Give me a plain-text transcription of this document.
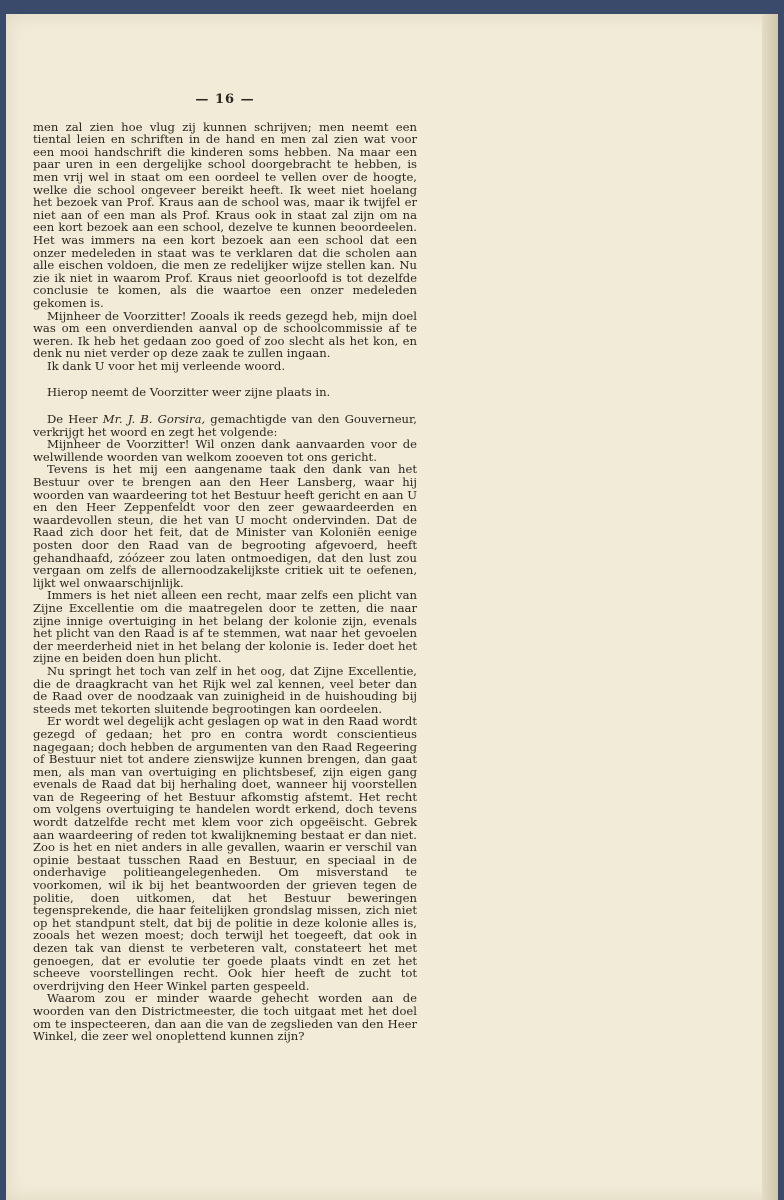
— 16 —

men zal zien hoe vlug zij kunnen schrijven; men neemt een tiental leien en schriften in de hand en men zal zien wat voor een mooi handschrift die kinderen soms hebben. Na maar een paar uren in een dergelijke school doorgebracht te hebben, is men vrij wel in staat om een oordeel te vellen over de hoogte, welke die school ongeveer bereikt heeft. Ik weet niet hoelang het bezoek van Prof. Kraus aan de school was, maar ik twijfel er niet aan of een man als Prof. Kraus ook in staat zal zijn om na een kort bezoek aan een school, dezelve te kunnen beoordeelen. Het was immers na een kort bezoek aan een school dat een onzer medeleden in staat was te verklaren dat die scholen aan alle eischen voldoen, die men ze redelijker wijze stellen kan. Nu zie ik niet in waarom Prof. Kraus niet geoorloofd is tot dezelfde conclusie te komen, als die waartoe een onzer medeleden gekomen is.

Mijnheer de Voorzitter! Zooals ik reeds gezegd heb, mijn doel was om een onverdienden aanval op de schoolcommissie af te weren. Ik heb het gedaan zoo goed of zoo slecht als het kon, en denk nu niet verder op deze zaak te zullen ingaan.

Ik dank U voor het mij verleende woord.

Hierop neemt de Voorzitter weer zijne plaats in.

De Heer Mr. J. B. Gorsira, gemachtigde van den Gouverneur, verkrijgt het woord en zegt het volgende:

Mijnheer de Voorzitter! Wil onzen dank aanvaarden voor de welwillende woorden van welkom zooeven tot ons gericht.

Tevens is het mij een aangename taak den dank van het Bestuur over te brengen aan den Heer Lansberg, waar hij woorden van waardeering tot het Bestuur heeft gericht en aan U en den Heer Zeppenfeldt voor den zeer gewaardeerden en waardevollen steun, die het van U mocht ondervinden. Dat de Raad zich door het feit, dat de Minister van Koloniën eenige posten door den Raad van de begrooting afgevoerd, heeft gehandhaafd, zóózeer zou laten ontmoedigen, dat den lust zou vergaan om zelfs de allernoodzakelijkste critiek uit te oefenen, lijkt wel onwaarschijnlijk.

Immers is het niet alleen een recht, maar zelfs een plicht van Zijne Excellentie om die maatregelen door te zetten, die naar zijne innige overtuiging in het belang der kolonie zijn, evenals het plicht van den Raad is af te stemmen, wat naar het gevoelen der meerderheid niet in het belang der kolonie is. Ieder doet het zijne en beiden doen hun plicht.

Nu springt het toch van zelf in het oog, dat Zijne Excellentie, die de draagkracht van het Rijk wel zal kennen, veel beter dan de Raad over de noodzaak van zuinigheid in de huishouding bij steeds met tekorten sluitende begrootingen kan oordeelen.

Er wordt wel degelijk acht geslagen op wat in den Raad wordt gezegd of gedaan; het pro en contra wordt conscientieus nagegaan; doch hebben de argumenten van den Raad Regeering of Bestuur niet tot andere zienswijze kunnen brengen, dan gaat men, als man van overtuiging en plichtsbesef, zijn eigen gang evenals de Raad dat bij herhaling doet, wanneer hij voorstellen van de Regeering of het Bestuur afkomstig afstemt. Het recht om volgens overtuiging te handelen wordt erkend, doch tevens wordt datzelfde recht met klem voor zich opgeëischt. Gebrek aan waardeering of reden tot kwalijkneming bestaat er dan niet. Zoo is het en niet anders in alle gevallen, waarin er verschil van opinie bestaat tusschen Raad en Bestuur, en speciaal in de onderhavige politieangelegenheden. Om misverstand te voorkomen, wil ik bij het beantwoorden der grieven tegen de politie, doen uitkomen, dat het Bestuur beweringen tegensprekende, die haar feitelijken grondslag missen, zich niet op het standpunt stelt, dat bij de politie in deze kolonie alles is, zooals het wezen moest; doch terwijl het toegeeft, dat ook in dezen tak van dienst te verbeteren valt, constateert het met genoegen, dat er evolutie ter goede plaats vindt en zet het scheeve voorstellingen recht. Ook hier heeft de zucht tot overdrijving den Heer Winkel parten gespeeld.

Waarom zou er minder waarde gehecht worden aan de woorden van den Districtmeester, die toch uitgaat met het doel om te inspecteeren, dan aan die van de zegslieden van den Heer Winkel, die zeer wel onoplettend kunnen zijn?
